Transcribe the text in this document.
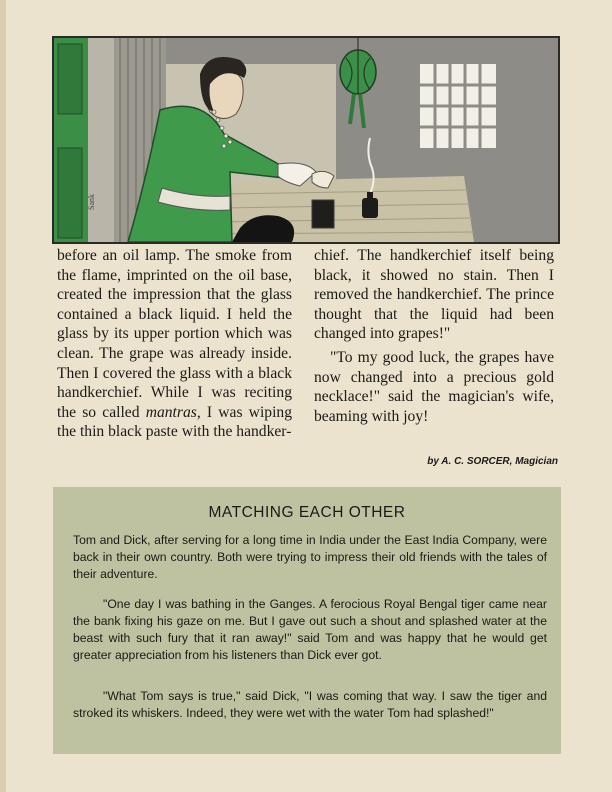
Sank

before an oil lamp. The smoke from the flame, imprinted on the oil base, created the impression that the glass contained a black liquid. I held the glass by its upper portion which was clean. The grape was already inside. Then I covered the glass with a black handkerchief. While I was reciting the so called mantras, I was wiping the thin black paste with the handker-

chief. The handkerchief itself being black, it showed no stain. Then I removed the handkerchief. The prince thought that the liquid had been changed into grapes!"

"To my good luck, the grapes have now changed into a precious gold necklace!" said the magician's wife, beaming with joy!

by A. C. SORCER, Magician
MATCHING EACH OTHER

Tom and Dick, after serving for a long time in India under the East India Company, were back in their own country. Both were trying to impress their old friends with the tales of their adventure.

"One day I was bathing in the Ganges. A ferocious Royal Bengal tiger came near the bank fixing his gaze on me. But I gave out such a shout and splashed water at the beast with such fury that it ran away!" said Tom and was happy that he would get greater appreciation from his listeners than Dick ever got.

"What Tom says is true," said Dick, "I was coming that way. I saw the tiger and stroked its whiskers. Indeed, they were wet with the water Tom had splashed!"
